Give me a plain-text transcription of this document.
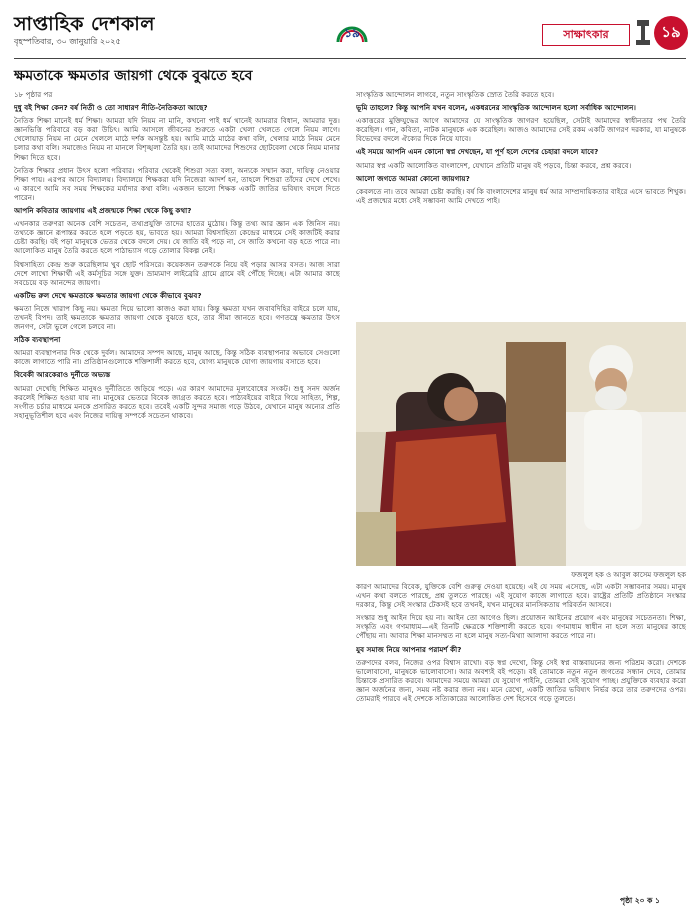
সাপ্তাহিক দেশকাল
বৃহস্পতিবার, ৩০ জানুয়ারি ২০২৫
১৯	সাক্ষাৎকার	১৯
ক্ষমতাকে ক্ষমতার জায়গা থেকে বুঝতে হবে

১৮ পৃষ্ঠার পর

দুধু বই শিক্ষা কেন? বর্ষ নিতী ও তো সাধারণ নীতি-নৈতিকতা আছে?

নৈতিক শিক্ষা মানেই ধর্ম শিক্ষা। আমরা যদি নিয়ম না মানি, কখনো পাই ধর্ম থানেই আমরার বিধান, আমরার দুত্ত। জ্ঞানভিত্তি পরিবারে বড় করা উচিৎ। আমি আসলে জীবনের শুরুতে একটা খেলা খেলতে গেলে নিয়ম লাগে। খেলোয়াড় নিয়ম না মেনে খেললে মাঠে দর্শক অসন্তুষ্ট হয়। আমি মাঠে মাঠের কথা বলি, খেলার মাঠে নিয়ম মেনে চলার কথা বলি। সমাজেও নিয়ম না মানলে বিশৃঙ্খলা তৈরি হয়। তাই আমাদের শিশুদের ছোটবেলা থেকে নিয়ম মানার শিক্ষা দিতে হবে।

নৈতিক শিক্ষার প্রধান উৎস হলো পরিবার। পরিবার থেকেই শিশুরা সত্য বলা, অন্যকে সম্মান করা, দায়িত্ব নেওয়ার শিক্ষা পায়। এরপর আসে বিদ্যালয়। বিদ্যালয়ে শিক্ষকরা যদি নিজেরা আদর্শ হন, তাহলে শিশুরা তাঁদের দেখে শেখে। এ কারণে আমি সব সময় শিক্ষকের মর্যাদার কথা বলি। একজন ভালো শিক্ষক একটি জাতির ভবিষ্যৎ বদলে দিতে পারেন।

আপনি কবিতার জায়গায় এই প্রজন্মকে শিক্ষা থেকে কিছু কথা?

এখনকার তরুণরা অনেক বেশি সচেতন, তথ্যপ্রযুক্তি তাদের হাতের মুঠোয়। কিন্তু তথ্য আর জ্ঞান এক জিনিস নয়। তথ্যকে জ্ঞানে রূপান্তর করতে হলে পড়তে হয়, ভাবতে হয়। আমরা বিশ্বসাহিত্য কেন্দ্রের মাধ্যমে সেই কাজটিই করার চেষ্টা করছি। বই পড়া মানুষকে ভেতর থেকে বদলে দেয়। যে জাতি বই পড়ে না, সে জাতি কখনো বড় হতে পারে না। আলোকিত মানুষ তৈরি করতে হলে পাঠাভ্যাস গড়ে তোলার বিকল্প নেই।

বিশ্বসাহিত্য কেন্দ্র শুরু করেছিলাম খুব ছোট পরিসরে। কয়েকজন তরুণকে নিয়ে বই পড়ার আসর বসত। আজ সারা দেশে লাখো শিক্ষার্থী এই কর্মসূচির সঙ্গে যুক্ত। ভ্রাম্যমাণ লাইব্রেরি গ্রামে গ্রামে বই পৌঁছে দিচ্ছে। এটা আমার কাছে সবচেয়ে বড় আনন্দের জায়গা।

একটিভ রুল দেখে ক্ষমতাকে ক্ষমতার জায়গা থেকে কীভাবে বুঝব?

ক্ষমতা নিজে খারাপ কিছু নয়। ক্ষমতা দিয়ে ভালো কাজও করা যায়। কিন্তু ক্ষমতা যখন জবাবদিহির বাইরে চলে যায়, তখনই বিপদ। তাই ক্ষমতাকে ক্ষমতার জায়গা থেকে বুঝতে হবে, তার সীমা জানতে হবে। গণতন্ত্রে ক্ষমতার উৎস জনগণ, সেটা ভুলে গেলে চলবে না।

সঠিক ব্যবস্থাপনা

আমরা ব্যবস্থাপনার দিক থেকে দুর্বল। আমাদের সম্পদ আছে, মানুষ আছে, কিন্তু সঠিক ব্যবস্থাপনার অভাবে সেগুলো কাজে লাগাতে পারি না। প্রতিষ্ঠানগুলোকে শক্তিশালী করতে হবে, যোগ্য মানুষকে যোগ্য জায়গায় বসাতে হবে।

বিবেকী আরকেরাও দুর্নীতে অভ্যস্ত

আমরা দেখেছি শিক্ষিত মানুষও দুর্নীতিতে জড়িয়ে পড়ে। এর কারণ আমাদের মূল্যবোধের সংকট। শুধু সনদ অর্জন করলেই শিক্ষিত হওয়া যায় না। মানুষের ভেতরে বিবেক জাগ্রত করতে হবে। পাঠ্যবইয়ের বাইরে গিয়ে সাহিত্য, শিল্প, সংগীত চর্চার মাধ্যমে মনকে প্রসারিত করতে হবে। তবেই একটি সুন্দর সমাজ গড়ে উঠবে, যেখানে মানুষ অন্যের প্রতি সহানুভূতিশীল হবে এবং নিজের দায়িত্ব সম্পর্কে সচেতন থাকবে।

সাংস্কৃতিক আন্দোলন লাগবে, নতুন সাংস্কৃতিক স্রোত তৈরি করতে হবে।

ভূমি তাহলে? কিন্তু আপনি যখন বলেন, একধরনের সাংস্কৃতিক আন্দোলন হলো সর্বাধিক আন্দোলন।

একাত্তরের মুক্তিযুদ্ধের আগে আমাদের যে সাংস্কৃতিক জাগরণ হয়েছিল, সেটাই আমাদের স্বাধীনতার পথ তৈরি করেছিল। গান, কবিতা, নাটক মানুষকে এক করেছিল। আজও আমাদের সেই রকম একটি জাগরণ দরকার, যা মানুষকে বিভেদের বদলে ঐক্যের দিকে নিয়ে যাবে।

এই সময়ে আপনি এমন কোনো স্বপ্ন দেখছেন, যা পূর্ণ হলে দেশের চেহারা বদলে যাবে?

আমার স্বপ্ন একটি আলোকিত বাংলাদেশ, যেখানে প্রতিটি মানুষ বই পড়বে, চিন্তা করবে, প্রশ্ন করবে।

আলো জগতে আমরা কোনো জায়গায়?

কেবলতে না। তবে আমরা চেষ্টা করছি। বর্ষ কি বাংলাদেশের মানুষ ধর্ম আর সাম্প্রদায়িকতার বাইরে এসে ভাবতে শিখুক। এই প্রজন্মের মধ্যে সেই সম্ভাবনা আমি দেখতে পাই।

ফজলুল হক ও আবুল কাসেম ফজলুল হক

কারণ আমাদের বিবেক, যুক্তিকে বেশি গুরুত্ব দেওয়া হয়েছে। এই যে সময় এসেছে, এটা একটা সম্ভাবনার সময়। মানুষ এখন কথা বলতে পারছে, প্রশ্ন তুলতে পারছে। এই সুযোগ কাজে লাগাতে হবে। রাষ্ট্রের প্রতিটি প্রতিষ্ঠানে সংস্কার দরকার, কিন্তু সেই সংস্কার টেকসই হবে তখনই, যখন মানুষের মানসিকতায় পরিবর্তন আসবে।

সংস্কার শুধু আইন দিয়ে হয় না। আইন তো আগেও ছিল। প্রয়োজন আইনের প্রয়োগ এবং মানুষের সচেতনতা। শিক্ষা, সংস্কৃতি এবং গণমাধ্যম—এই তিনটি ক্ষেত্রকে শক্তিশালী করতে হবে। গণমাধ্যম স্বাধীন না হলে সত্য মানুষের কাছে পৌঁছায় না। আবার শিক্ষা মানসম্মত না হলে মানুষ সত্য-মিথ্যা আলাদা করতে পারে না।

যুব সমাজ নিয়ে আপনার পরামর্শ কী?

তরুণদের বলব, নিজের ওপর বিশ্বাস রাখো। বড় স্বপ্ন দেখো, কিন্তু সেই স্বপ্ন বাস্তবায়নের জন্য পরিশ্রম করো। দেশকে ভালোবাসো, মানুষকে ভালোবাসো। আর অবশ্যই বই পড়ো। বই তোমাকে নতুন নতুন জগতের সন্ধান দেবে, তোমার চিন্তাকে প্রসারিত করবে। আমাদের সময়ে আমরা যে সুযোগ পাইনি, তোমরা সেই সুযোগ পাচ্ছ। প্রযুক্তিকে ব্যবহার করো জ্ঞান অর্জনের জন্য, সময় নষ্ট করার জন্য নয়। মনে রেখো, একটি জাতির ভবিষ্যৎ নির্ভর করে তার তরুণদের ওপর। তোমরাই পারবে এই দেশকে সত্যিকারের আলোকিত দেশ হিসেবে গড়ে তুলতে।

পৃষ্ঠা ২০ ক ১
